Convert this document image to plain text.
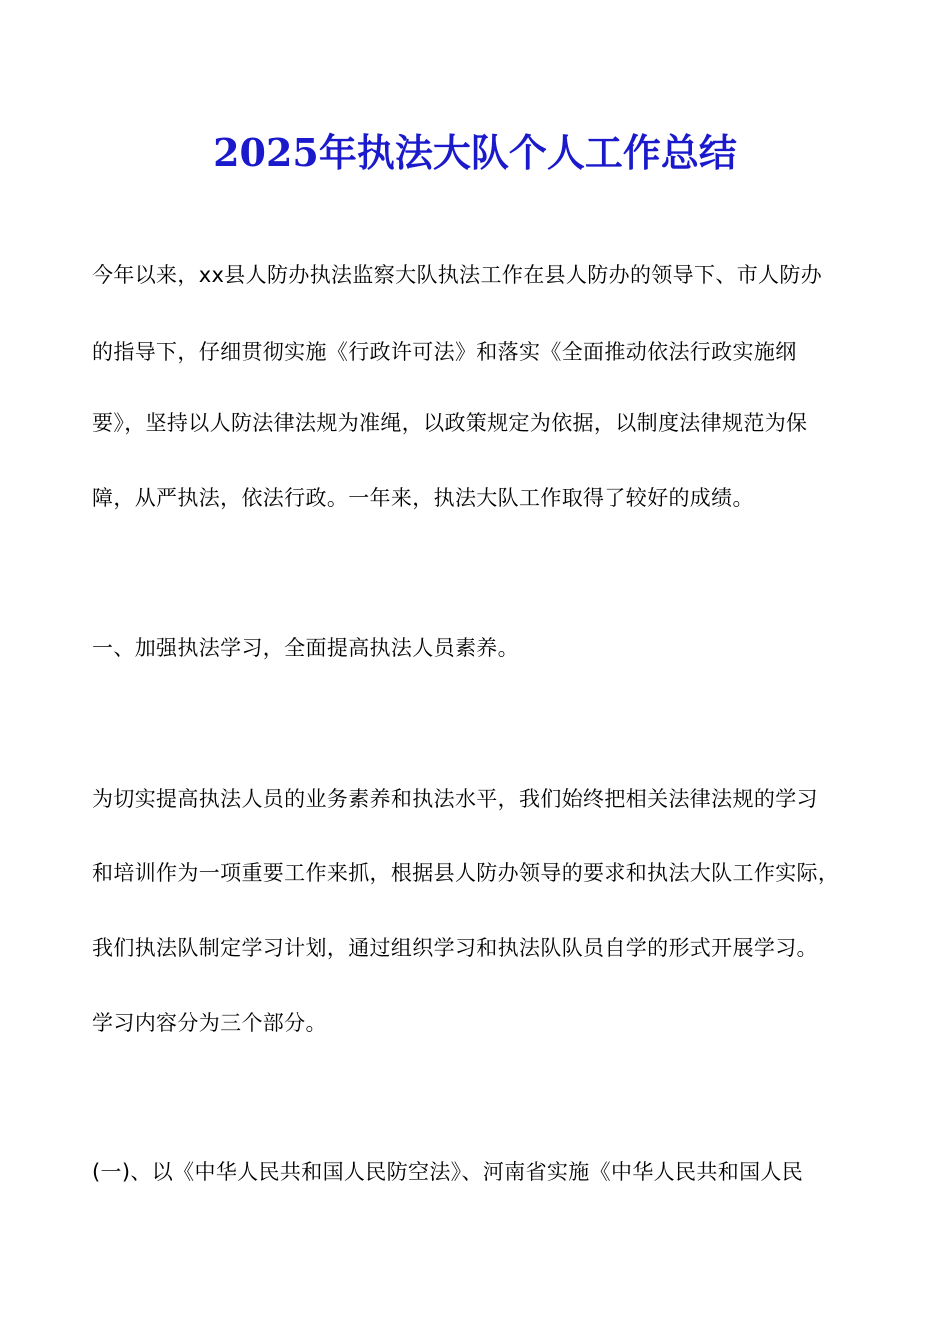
2025年执法大队个人工作总结
今年以来，xx县人防办执法监察大队执法工作在县人防办的领导下、市人防办
的指导下，仔细贯彻实施《行政许可法》和落实《全面推动依法行政实施纲
要》，坚持以人防法律法规为准绳，以政策规定为依据，以制度法律规范为保
障，从严执法，依法行政。一年来，执法大队工作取得了较好的成绩。
一、加强执法学习，全面提高执法人员素养。
为切实提高执法人员的业务素养和执法水平，我们始终把相关法律法规的学习
和培训作为一项重要工作来抓，根据县人防办领导的要求和执法大队工作实际，
我们执法队制定学习计划，通过组织学习和执法队队员自学的形式开展学习。
学习内容分为三个部分。
(一)、以《中华人民共和国人民防空法》、河南省实施《中华人民共和国人民
